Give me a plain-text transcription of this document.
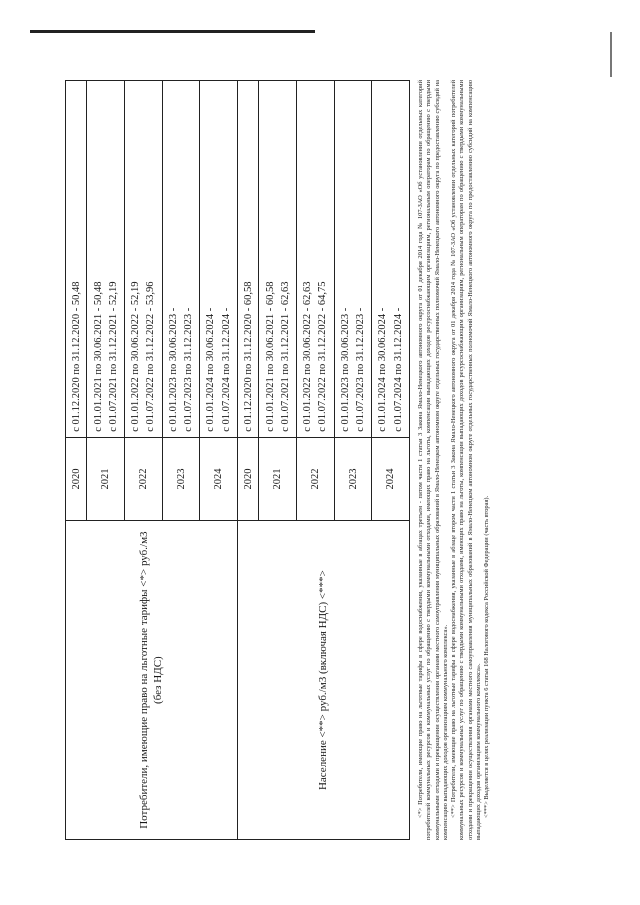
Потребители, имеющие право на льготные тарифы <*> руб./м3 (без НДС)	2020	с 01.12.2020 по 31.12.2020 - 50,48

	2021	с 01.01.2021 по 30.06.2021 - 50,48 с 01.07.2021 по 31.12.2021 - 52,19

	2022	с 01.01.2022 по 30.06.2022 - 52,19 с 01.07.2022 по 31.12.2022 - 53,96

	2023	с 01.01.2023 по 30.06.2023 - с 01.07.2023 по 31.12.2023 -

	2024	с 01.01.2024 по 30.06.2024 - с 01.07.2024 по 31.12.2024 -

Население <**> руб./м3 (включая НДС) <***>	2020	с 01.12.2020 по 31.12.2020 - 60,58

	2021	с 01.01.2021 по 30.06.2021 - 60,58 с 01.07.2021 по 31.12.2021 - 62,63

	2022	с 01.01.2022 по 30.06.2022 - 62,63 с 01.07.2022 по 31.12.2022 - 64,75

	2023	с 01.01.2023 по 30.06.2023 - с 01.07.2023 по 31.12.2023 -

	2024	с 01.01.2024 по 30.06.2024 - с 01.07.2024 по 31.12.2024 -	<*> Потребители, имеющие право на льготные тарифы в сфере водоснабжения, указанные в абзацах третьем - пятом части 1 статьи 3 Закона Ямало-Ненецкого автономного округа от 01 декабря 2014 года № 107-ЗАО «Об установлении отдельных категорий потребителей коммунальных ресурсов и коммунальных услуг по обращению с твердыми коммунальными отходами, имеющих право на льготы, компенсации выпадающих доходов ресурсоснабжающим организациям, региональным операторам по обращению с твердыми коммунальными отходами и прекращении осуществления органами местного самоуправления муниципальных образований в Ямало-Ненецком автономном округе отдельных государственных полномочий Ямало-Ненецкого автономного округа по предоставлению субсидий на компенсацию выпадающих доходов организациям коммунального комплекса». <**> Потребители, имеющие право на льготные тарифы в сфере водоснабжения, указанные в абзаце втором части 1 статьи 3 Закона Ямало-Ненецкого автономного округа от 01 декабря 2014 года № 107-ЗАО «Об установлении отдельных категорий потребителей коммунальных ресурсов и коммунальных услуг по обращению с твердыми коммунальными отходами, имеющих право на льготы, компенсации выпадающих доходов ресурсоснабжающим организациям, региональным операторам по обращению с твердыми коммунальными отходами и прекращении осуществления органами местного самоуправления муниципальных образований в Ямало-Ненецком автономном округе отдельных государственных полномочий Ямало-Ненецкого автономного округа по предоставлению субсидий на компенсацию выпадающих доходов организациям коммунального комплекса». <***> Выделяется в целях реализации пункта 6 статьи 168 Налогового кодекса Российской Федерации (часть вторая).
